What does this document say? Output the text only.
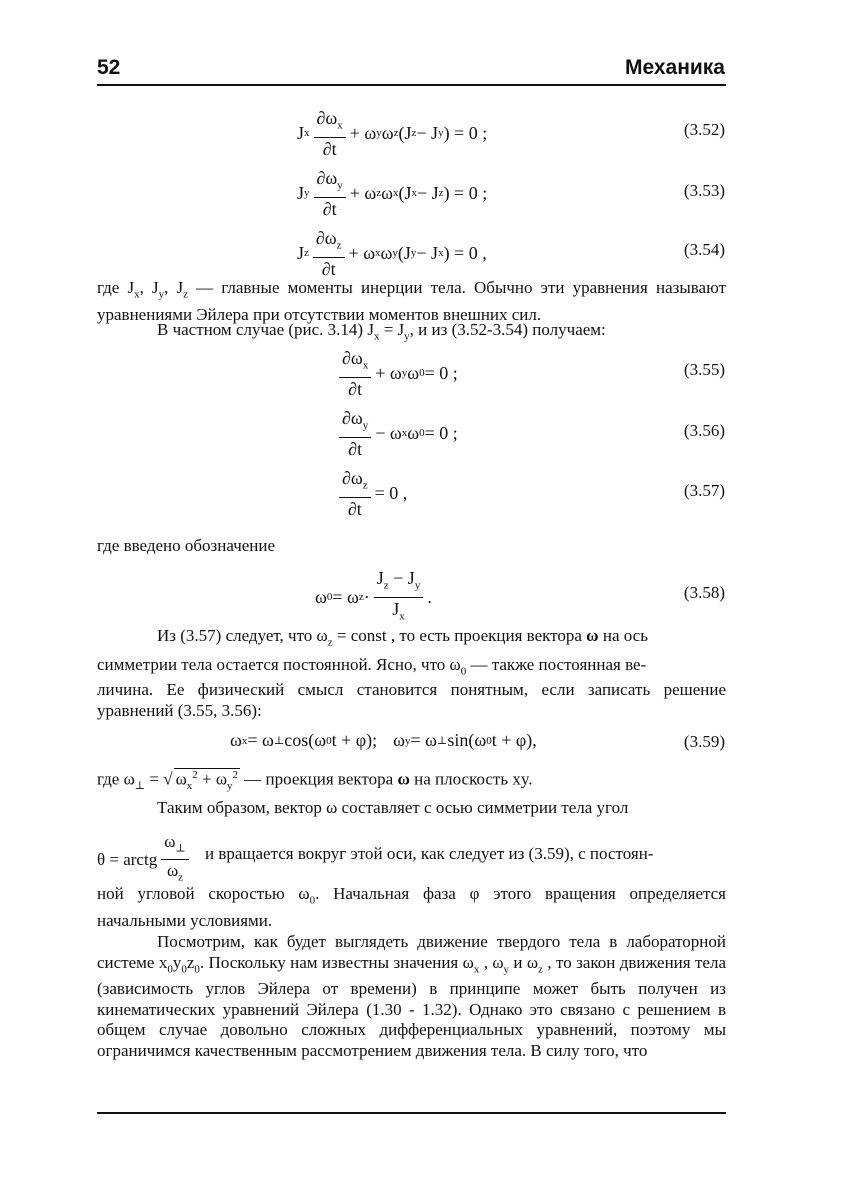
52	Механика
J x $\frac{\partial\omega_x}{\partial t} + \omega$ y ω z (J z − J y ) = 0 ;	(3.52)
J y $\frac{\partial\omega_y}{\partial t} + \omega$ z ω x (J x − J z ) = 0 ;	(3.53)
J z $\frac{\partial\omega_z}{\partial t} + \omega$ x ω y (J y − J x ) = 0 ,	(3.54)
где $J_x$, $J_y$, $J_z$ — главные моменты инерции тела. Обычно эти уравнения называют уравнениями Эйлера при отсутствии моментов внешних сил.
В частном случае (рис. 3.14) $J_x = J_y$, и из (3.52-3.54) получаем:
$\frac{\partial\omega_x}{\partial t} + \omega$ y ω 0 = 0 ;	(3.55)
$\frac{\partial\omega_y}{\partial t} - \omega$ x ω 0 = 0 ;	(3.56)
$\frac{\partial\omega_z}{\partial t} = 0$ ,	(3.57)
где введено обозначение
ω 0 = ω $z \cdot \frac{J_z - J_y}{J_x}$ .	(3.58)
Из (3.57) следует, что $\omega_z$ = const , то есть проекция вектора ω на ось
симметрии тела остается постоянной. Ясно, что $\omega_0$ — также постоянная ве-
личина. Ее физический смысл становится понятным, если записать решение уравнений (3.55, 3.56):
ω x = ω ⊥ cos(ω 0 t + φ); ω y = ω ⊥ sin(ω 0 t + φ),	(3.59)
где $\omega_\perp$ = √ $\omega_x^2 + \omega_y^2$ — проекция вектора ω на плоскость xy.
Таким образом, вектор ω составляет с осью симметрии тела угол
θ = arctg $\frac{\omega_\perp}{\omega_z}$ и вращается вокруг этой оси, как следует из (3.59), с постоян-
ной угловой скоростью $\omega_0$. Начальная фаза φ этого вращения определяется начальными условиями.
Посмотрим, как будет выглядеть движение твердого тела в лабораторной системе $x_0y_0z_0$. Поскольку нам известны значения $\omega_x$ , $\omega_y$ и $\omega_z$ , то закон движения тела (зависимость углов Эйлера от времени) в принципе может быть получен из кинематических уравнений Эйлера (1.30 - 1.32). Однако это связано с решением в общем случае довольно сложных дифференциальных уравнений, поэтому мы ограничимся качественным рассмотрением движения тела. В силу того, что
